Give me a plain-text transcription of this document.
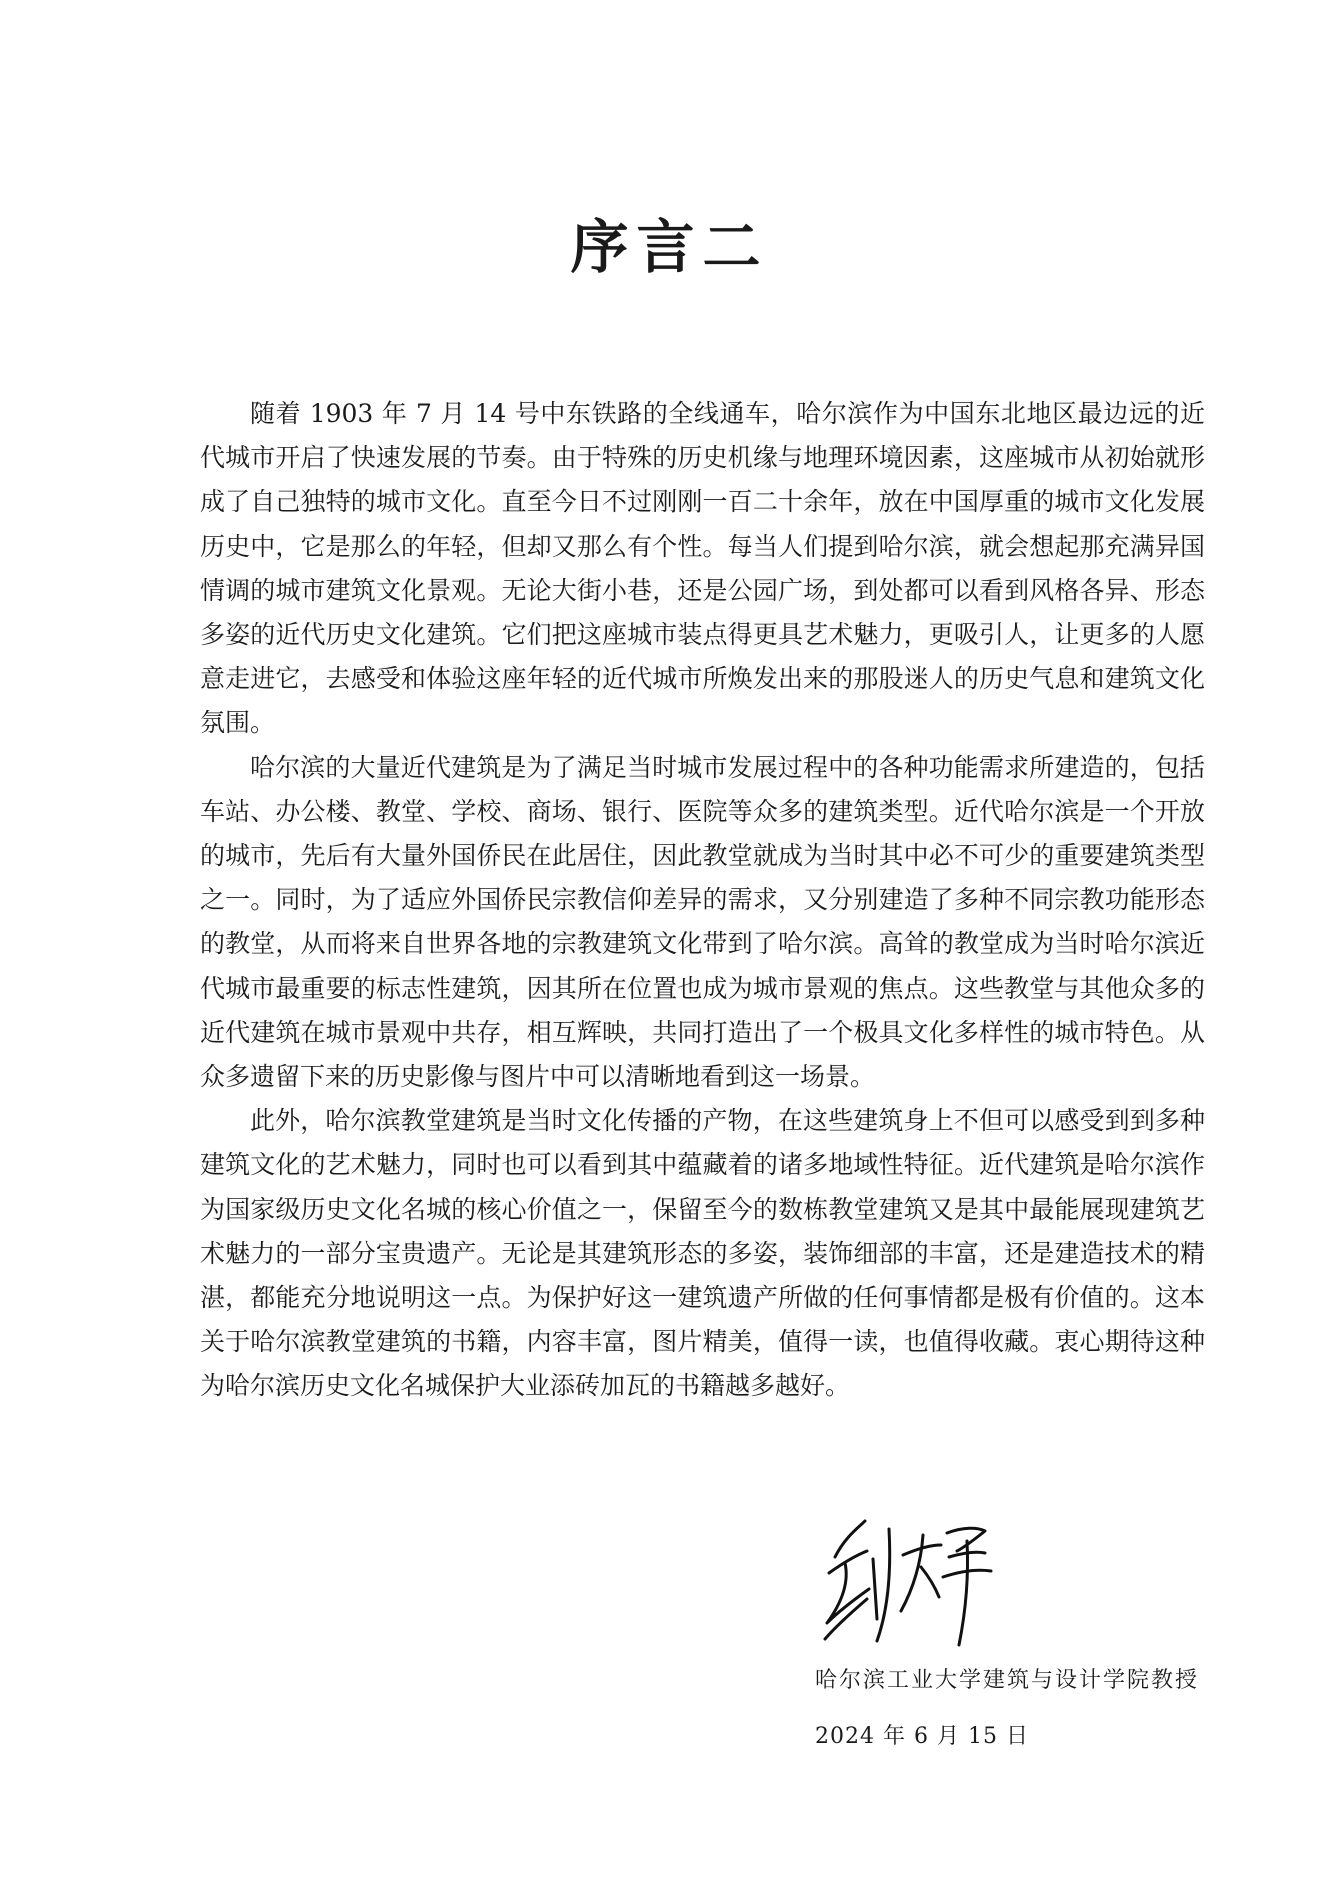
序言二

随着 1903 年 7 月 14 号中东铁路的全线通车，哈尔滨作为中国东北地区最边远的近代城市开启了快速发展的节奏。由于特殊的历史机缘与地理环境因素，这座城市从初始就形成了自己独特的城市文化。直至今日不过刚刚一百二十余年，放在中国厚重的城市文化发展历史中，它是那么的年轻，但却又那么有个性。每当人们提到哈尔滨，就会想起那充满异国情调的城市建筑文化景观。无论大街小巷，还是公园广场，到处都可以看到风格各异、形态多姿的近代历史文化建筑。它们把这座城市装点得更具艺术魅力，更吸引人，让更多的人愿意走进它，去感受和体验这座年轻的近代城市所焕发出来的那股迷人的历史气息和建筑文化氛围。

哈尔滨的大量近代建筑是为了满足当时城市发展过程中的各种功能需求所建造的，包括车站、办公楼、教堂、学校、商场、银行、医院等众多的建筑类型。近代哈尔滨是一个开放的城市，先后有大量外国侨民在此居住，因此教堂就成为当时其中必不可少的重要建筑类型之一。同时，为了适应外国侨民宗教信仰差异的需求，又分别建造了多种不同宗教功能形态的教堂，从而将来自世界各地的宗教建筑文化带到了哈尔滨。高耸的教堂成为当时哈尔滨近代城市最重要的标志性建筑，因其所在位置也成为城市景观的焦点。这些教堂与其他众多的近代建筑在城市景观中共存，相互辉映，共同打造出了一个极具文化多样性的城市特色。从众多遗留下来的历史影像与图片中可以清晰地看到这一场景。

此外，哈尔滨教堂建筑是当时文化传播的产物，在这些建筑身上不但可以感受到到多种建筑文化的艺术魅力，同时也可以看到其中蕴藏着的诸多地域性特征。近代建筑是哈尔滨作为国家级历史文化名城的核心价值之一，保留至今的数栋教堂建筑又是其中最能展现建筑艺术魅力的一部分宝贵遗产。无论是其建筑形态的多姿，装饰细部的丰富，还是建造技术的精湛，都能充分地说明这一点。为保护好这一建筑遗产所做的任何事情都是极有价值的。这本关于哈尔滨教堂建筑的书籍，内容丰富，图片精美，值得一读，也值得收藏。衷心期待这种为哈尔滨历史文化名城保护大业添砖加瓦的书籍越多越好。

哈尔滨工业大学建筑与设计学院教授
2024 年 6 月 15 日
